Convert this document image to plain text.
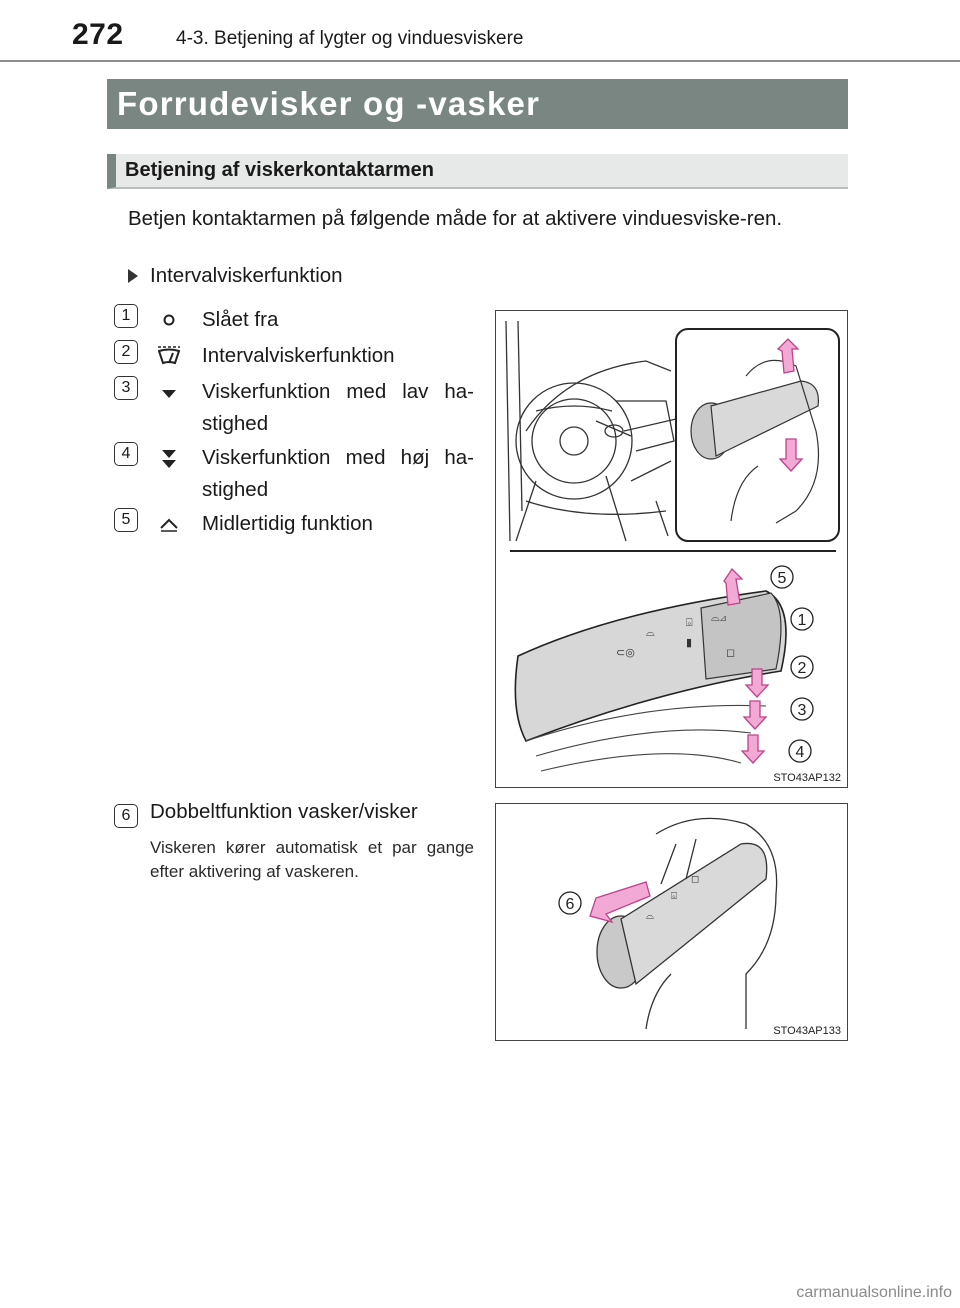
272	4-3. Betjening af lygter og vinduesviskere
Forrudevisker og -vasker
Betjening af viskerkontaktarmen
Betjen kontaktarmen på følgende måde for at aktivere vinduesviske-ren.
Intervalviskerfunktion
1	Slået fra
2	Intervalviskerfunktion
3	Viskerfunktion med lav ha-stighed
4	Viskerfunktion med høj ha-stighed
5	Midlertidig funktion
6 Dobbeltfunktion vasker/visker
Viskeren kører automatisk et par gange efter aktivering af vaskeren.
⊂◎
⌓
⌺ ⌓⊿
▮
◻
5
1
2
3
4
STO43AP132
⌓
⌺
◻
6
STO43AP133
carmanualsonline.info
